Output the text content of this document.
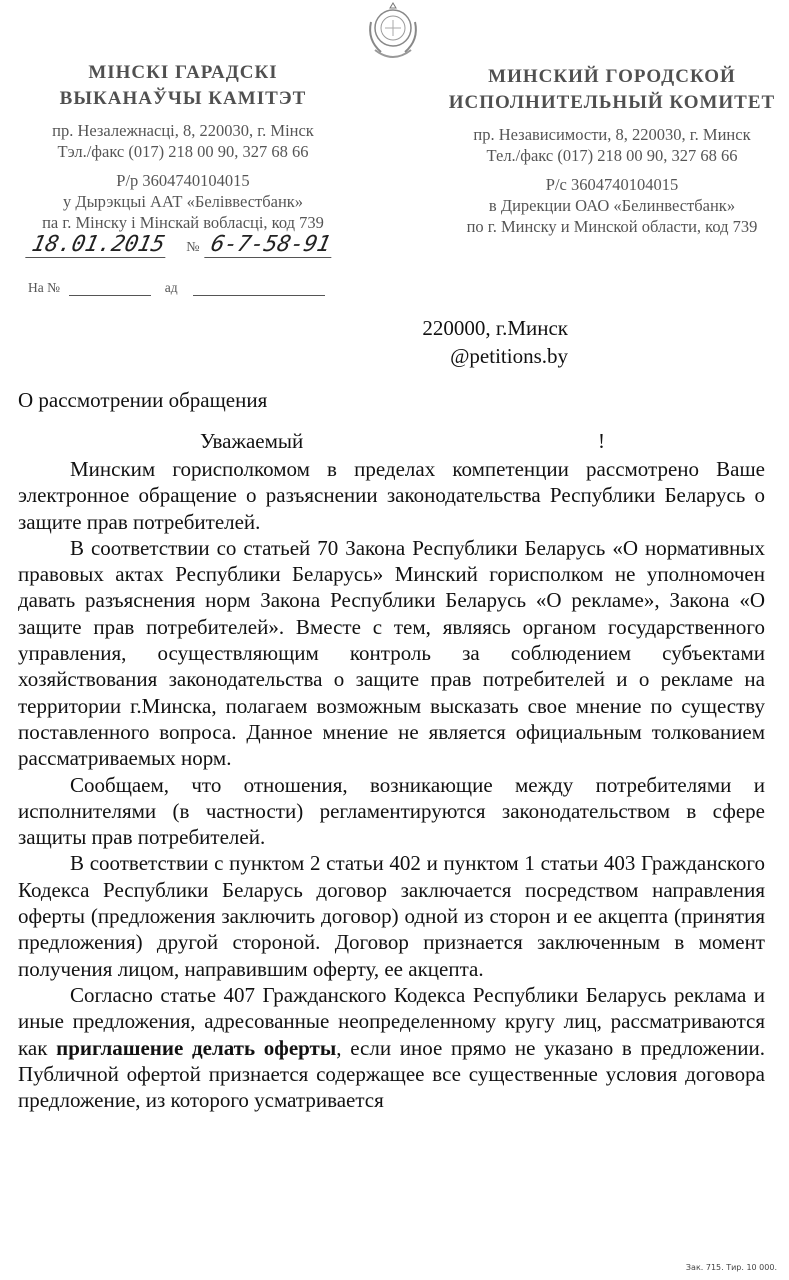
МІНСКІ ГАРАДСКІ
ВЫКАНАЎЧЫ КАМІТЭТ
пр. Незалежнасці, 8, 220030, г. Мінск
Тэл./факс (017) 218 00 90, 327 68 66
Р/р 3604740104015
у Дырэкцыі ААТ «Беліввестбанк»
па г. Мінску і Мінскай вобласці, код 739
МИНСКИЙ ГОРОДСКОЙ
ИСПОЛНИТЕЛЬНЫЙ КОМИТЕТ
пр. Независимости, 8, 220030, г. Минск
Тел./факс (017) 218 00 90, 327 68 66
Р/с 3604740104015
в Дирекции ОАО «Белинвестбанк»
по г. Минску и Минской области, код 739
18.01.2015 № 6-7-58-91
На №	ад
220000, г.Минск
@petitions.by
О рассмотрении обращения
Уважаемый	!

Минским горисполкомом в пределах компетенции рассмотрено Ваше электронное обращение о разъяснении законодательства Республики Беларусь о защите прав потребителей.

В соответствии со статьей 70 Закона Республики Беларусь «О нормативных правовых актах Республики Беларусь» Минский горисполком не уполномочен давать разъяснения норм Закона Республики Беларусь «О рекламе», Закона «О защите прав потребителей». Вместе с тем, являясь органом государственного управления, осуществляющим контроль за соблюдением субъектами хозяйствования законодательства о защите прав потребителей и о рекламе на территории г.Минска, полагаем возможным высказать свое мнение по существу поставленного вопроса. Данное мнение не является официальным толкованием рассматриваемых норм.

Сообщаем, что отношения, возникающие между потребителями и исполнителями (в частности) регламентируются законодательством в сфере защиты прав потребителей.

В соответствии с пунктом 2 статьи 402 и пунктом 1 статьи 403 Гражданского Кодекса Республики Беларусь договор заключается посредством направления оферты (предложения заключить договор) одной из сторон и ее акцепта (принятия предложения) другой стороной. Договор признается заключенным в момент получения лицом, направившим оферту, ее акцепта.

Согласно статье 407 Гражданского Кодекса Республики Беларусь реклама и иные предложения, адресованные неопределенному кругу лиц, рассматриваются как приглашение делать оферты, если иное прямо не указано в предложении. Публичной офертой признается содержащее все существенные условия договора предложение, из которого усматривается

Зак. 715. Тир. 10 000.
